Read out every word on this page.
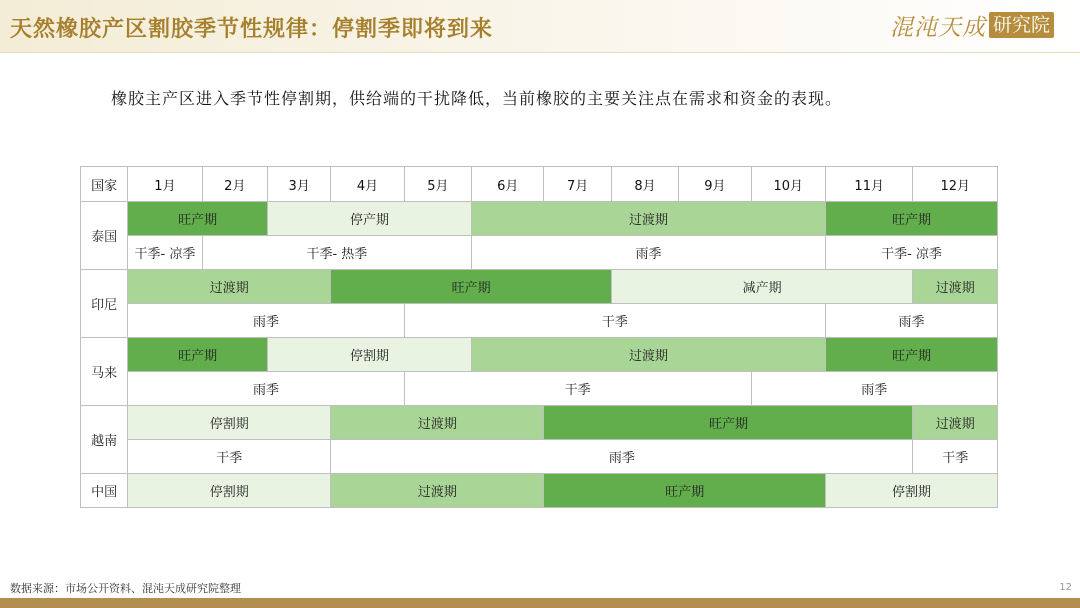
天然橡胶产区割胶季节性规律：停割季即将到来	混沌天成 研究院
橡胶主产区进入季节性停割期，供给端的干扰降低，当前橡胶的主要关注点在需求和资金的表现。
国家	1月	2月	3月	4月	5月	6月	7月	8月	9月	10月	11月	12月
泰国	旺产期		停产期			过渡期					旺产期	
	干季- 凉季	干季- 热季				雨季					干季- 凉季	
印尼	过渡期			旺产期				减产期				过渡期
	雨季				干季						雨季	
马来	旺产期		停割期			过渡期					旺产期	
	雨季				干季					雨季		
越南	停割期			过渡期			旺产期					过渡期
	干季			雨季								干季
中国	停割期			过渡期			旺产期				停割期	
数据来源：市场公开资料、混沌天成研究院整理	12
